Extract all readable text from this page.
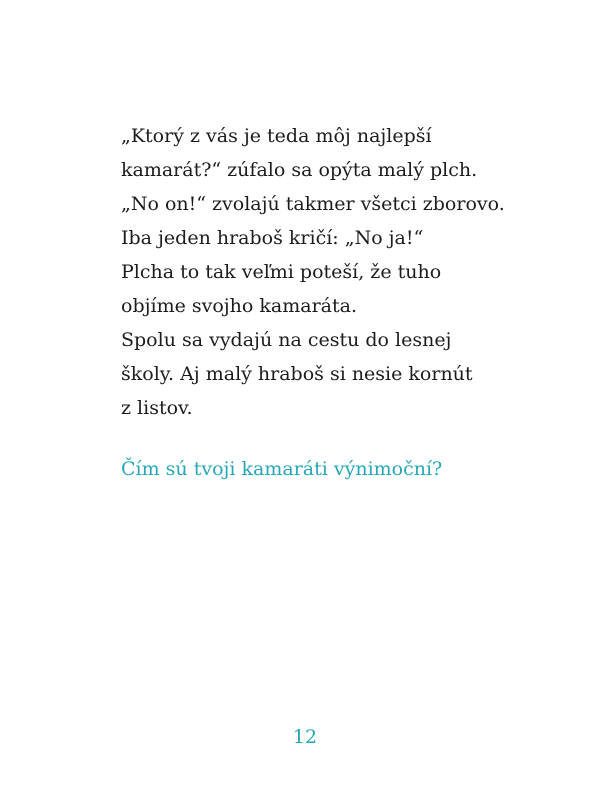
„Ktorý z vás je teda môj najlepší
kamarát?“ zúfalo sa opýta malý plch.
„No on!“ zvolajú takmer všetci zborovo.
Iba jeden hraboš kričí: „No ja!“
Plcha to tak veľmi poteší, že tuho
objíme svojho kamaráta.
Spolu sa vydajú na cestu do lesnej
školy. Aj malý hraboš si nesie kornút
z listov.
Čím sú tvoji kamaráti výnimoční?
12
